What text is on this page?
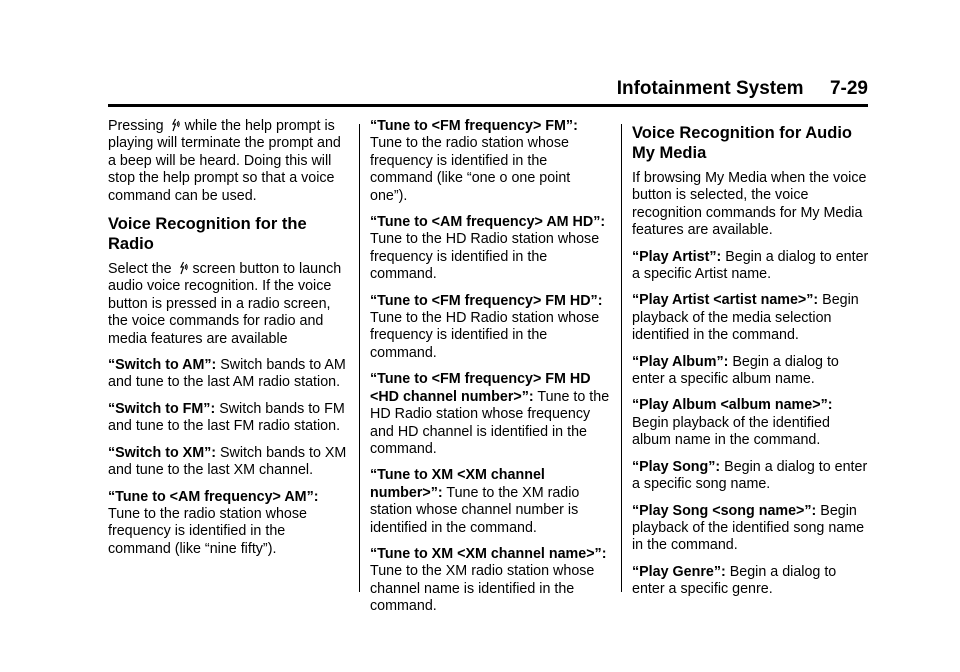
Infotainment System 7-29

Pressing  while the help prompt is playing will terminate the prompt and a beep will be heard. Doing this will stop the help prompt so that a voice command can be used.

Voice Recognition for the Radio

Select the  screen button to launch audio voice recognition. If the voice button is pressed in a radio screen, the voice commands for radio and media features are available

“Switch to AM”: Switch bands to AM and tune to the last AM radio station.

“Switch to FM”: Switch bands to FM and tune to the last FM radio station.

“Switch to XM”: Switch bands to XM and tune to the last XM channel.

“Tune to <AM frequency> AM”: Tune to the radio station whose frequency is identified in the command (like “nine fifty”).

“Tune to <FM frequency> FM”: Tune to the radio station whose frequency is identified in the command (like “one o one point one”).

“Tune to <AM frequency> AM HD”: Tune to the HD Radio station whose frequency is identified in the command.

“Tune to <FM frequency> FM HD”: Tune to the HD Radio station whose frequency is identified in the command.

“Tune to <FM frequency> FM HD <HD channel number>”: Tune to the HD Radio station whose frequency and HD channel is identified in the command.

“Tune to XM <XM channel number>”: Tune to the XM radio station whose channel number is identified in the command.

“Tune to XM <XM channel name>”: Tune to the XM radio station whose channel name is identified in the command.

Voice Recognition for Audio My Media

If browsing My Media when the voice button is selected, the voice recognition commands for My Media features are available.

“Play Artist”: Begin a dialog to enter a specific Artist name.

“Play Artist <artist name>”: Begin playback of the media selection identified in the command.

“Play Album”: Begin a dialog to enter a specific album name.

“Play Album <album name>”: Begin playback of the identified album name in the command.

“Play Song”: Begin a dialog to enter a specific song name.

“Play Song <song name>”: Begin playback of the identified song name in the command.

“Play Genre”: Begin a dialog to enter a specific genre.
